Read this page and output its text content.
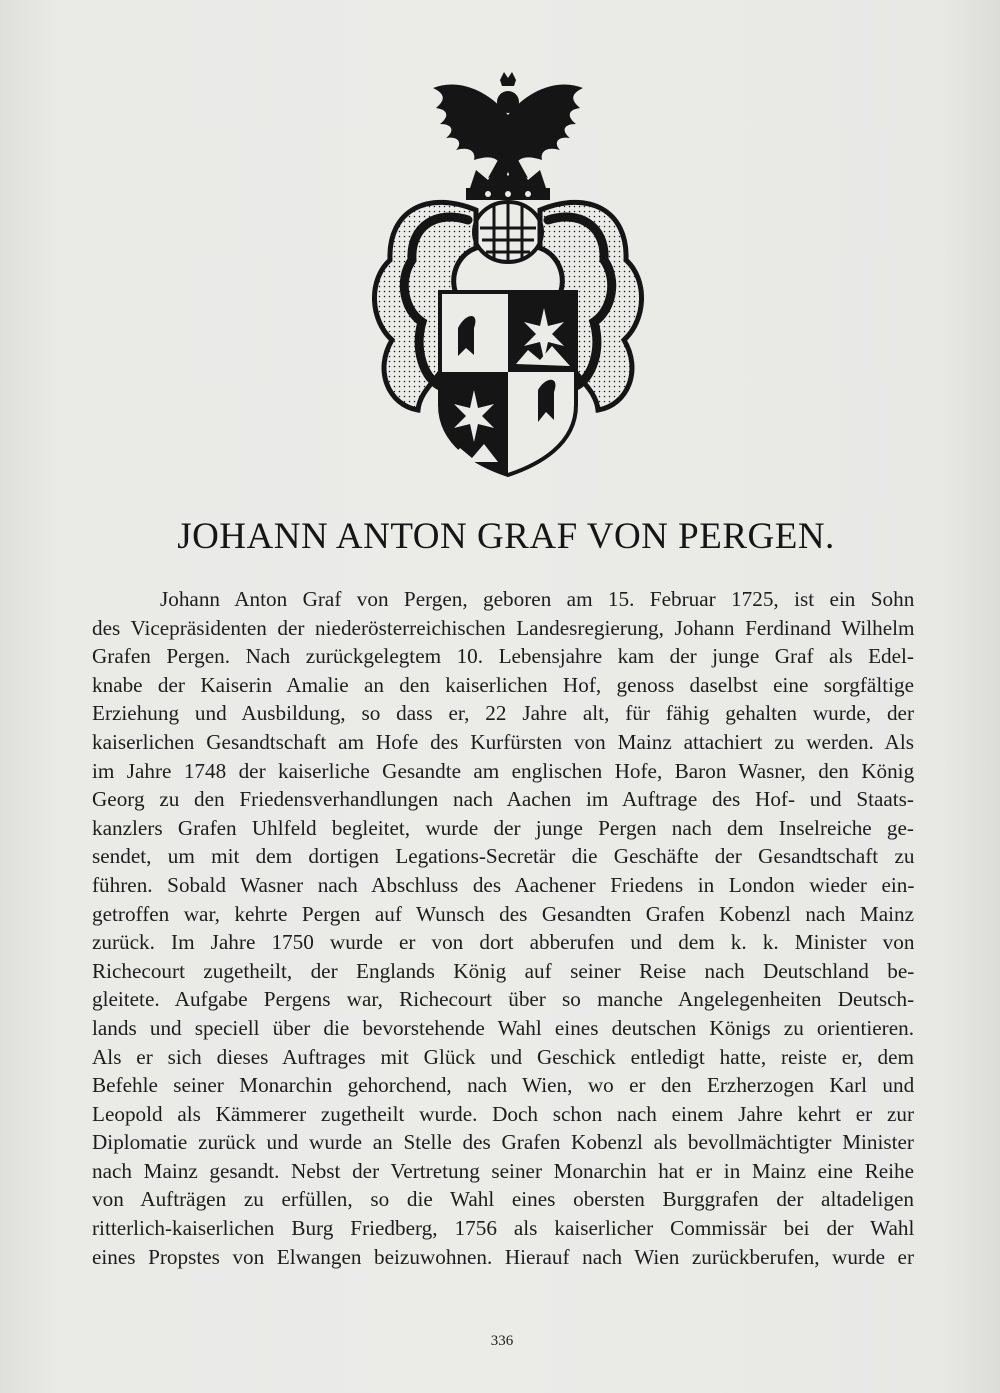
JOHANN ANTON GRAF VON PERGEN.
Johann Anton Graf von Pergen, geboren am 15. Februar 1725, ist ein Sohn
des Vicepräsidenten der niederösterreichischen Landesregierung, Johann Ferdinand Wilhelm
Grafen Pergen. Nach zurückgelegtem 10. Lebensjahre kam der junge Graf als Edel-
knabe der Kaiserin Amalie an den kaiserlichen Hof, genoss daselbst eine sorgfältige
Erziehung und Ausbildung, so dass er, 22 Jahre alt, für fähig gehalten wurde, der
kaiserlichen Gesandtschaft am Hofe des Kurfürsten von Mainz attachiert zu werden. Als
im Jahre 1748 der kaiserliche Gesandte am englischen Hofe, Baron Wasner, den König
Georg zu den Friedensverhandlungen nach Aachen im Auftrage des Hof- und Staats-
kanzlers Grafen Uhlfeld begleitet, wurde der junge Pergen nach dem Inselreiche ge-
sendet, um mit dem dortigen Legations-Secretär die Geschäfte der Gesandtschaft zu
führen. Sobald Wasner nach Abschluss des Aachener Friedens in London wieder ein-
getroffen war, kehrte Pergen auf Wunsch des Gesandten Grafen Kobenzl nach Mainz
zurück. Im Jahre 1750 wurde er von dort abberufen und dem k. k. Minister von
Richecourt zugetheilt, der Englands König auf seiner Reise nach Deutschland be-
gleitete. Aufgabe Pergens war, Richecourt über so manche Angelegenheiten Deutsch-
lands und speciell über die bevorstehende Wahl eines deutschen Königs zu orientieren.
Als er sich dieses Auftrages mit Glück und Geschick entledigt hatte, reiste er, dem
Befehle seiner Monarchin gehorchend, nach Wien, wo er den Erzherzogen Karl und
Leopold als Kämmerer zugetheilt wurde. Doch schon nach einem Jahre kehrt er zur
Diplomatie zurück und wurde an Stelle des Grafen Kobenzl als bevollmächtigter Minister
nach Mainz gesandt. Nebst der Vertretung seiner Monarchin hat er in Mainz eine Reihe
von Aufträgen zu erfüllen, so die Wahl eines obersten Burggrafen der altadeligen
ritterlich-kaiserlichen Burg Friedberg, 1756 als kaiserlicher Commissär bei der Wahl
eines Propstes von Elwangen beizuwohnen. Hierauf nach Wien zurückberufen, wurde er
336
